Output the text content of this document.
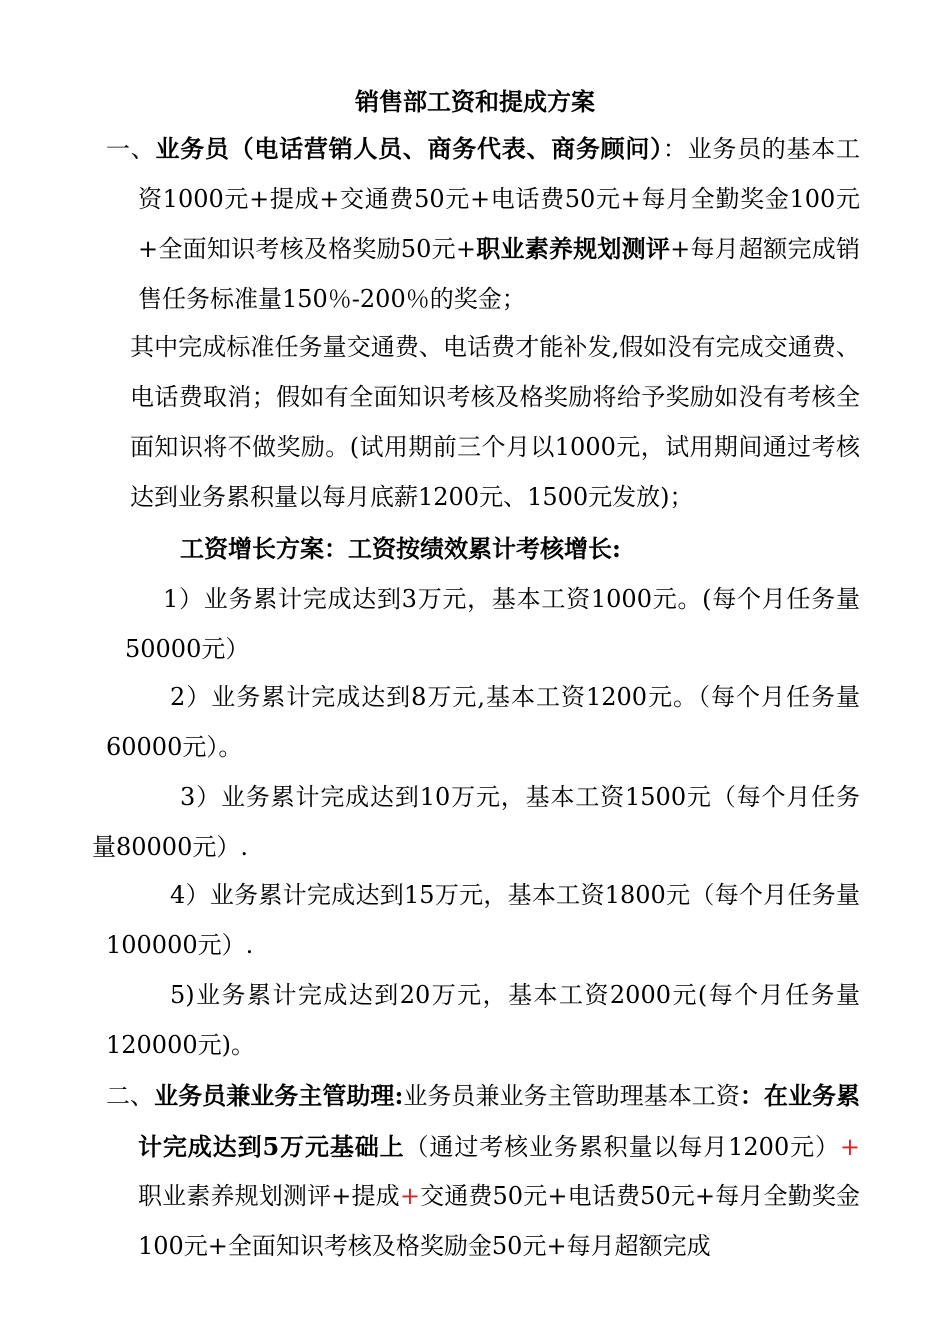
销售部工资和提成方案

一、业务员（电话营销人员、商务代表、商务顾问）：业务员的基本工资1000元+提成+交通费50元+电话费50元+每月全勤奖金100元+全面知识考核及格奖励50元+职业素养规划测评+每月超额完成销售任务标准量150％-200％的奖金；

其中完成标准任务量交通费、电话费才能补发,假如没有完成交通费、电话费取消；假如有全面知识考核及格奖励将给予奖励如没有考核全面知识将不做奖励。(试用期前三个月以1000元，试用期间通过考核达到业务累积量以每月底薪1200元、1500元发放)；

工资增长方案：工资按绩效累计考核增长:

1）业务累计完成达到3万元，基本工资1000元。(每个月任务量50000元）

2）业务累计完成达到8万元,基本工资1200元。（每个月任务量60000元）。

3）业务累计完成达到10万元，基本工资1500元（每个月任务量80000元）.

4）业务累计完成达到15万元，基本工资1800元（每个月任务量100000元）.

5)业务累计完成达到20万元，基本工资2000元(每个月任务量120000元)。

二、业务员兼业务主管助理:业务员兼业务主管助理基本工资：在业务累计完成达到5万元基础上（通过考核业务累积量以每月1200元）+ 职业素养规划测评+提成+交通费50元+电话费50元+每月全勤奖金100元+全面知识考核及格奖励金50元+每月超额完成
